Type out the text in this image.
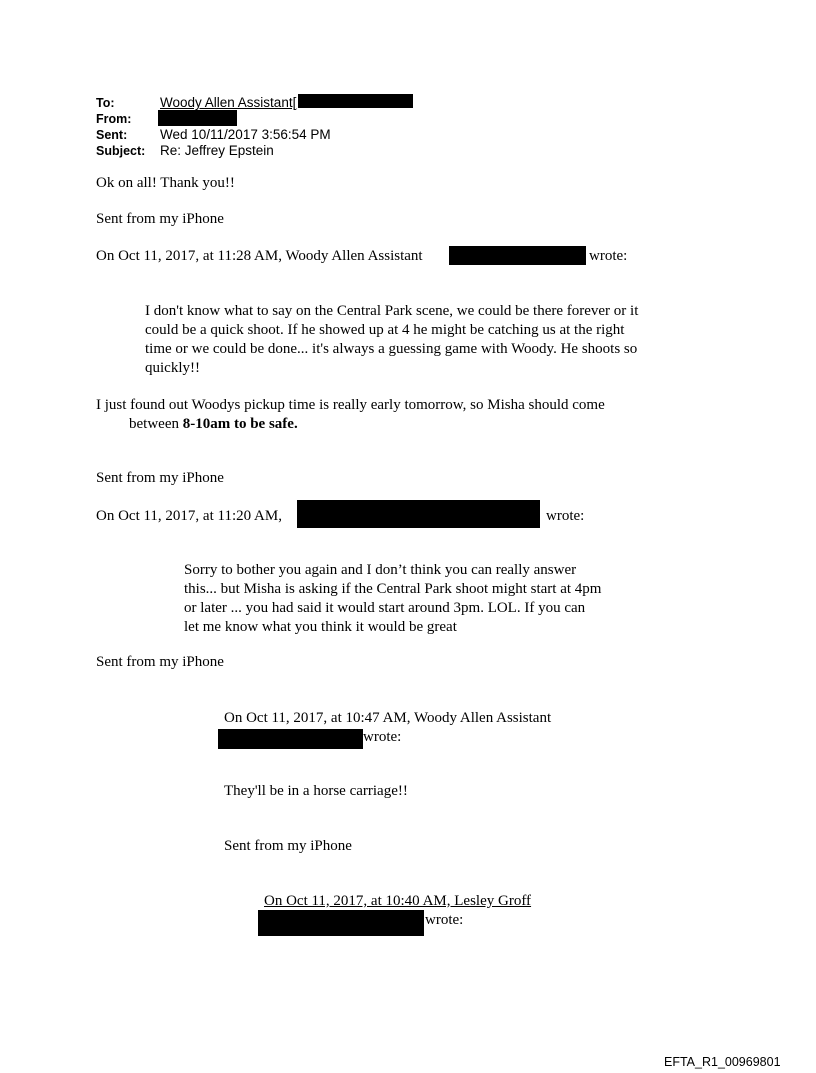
To:	Woody Allen Assistant[
From:
Sent: Wed 10/11/2017 3:56:54 PM
Subject: Re: Jeffrey Epstein
Ok on all! Thank you!!
Sent from my iPhone
On Oct 11, 2017, at 11:28 AM, Woody Allen Assistant	wrote:
I don't know what to say on the Central Park scene, we could be there forever or it
could be a quick shoot. If he showed up at 4 he might be catching us at the right
time or we could be done... it's always a guessing game with Woody. He shoots so
quickly!!
I just found out Woodys pickup time is really early tomorrow, so Misha should come
between 8-10am to be safe.
Sent from my iPhone
On Oct 11, 2017, at 11:20 AM,	wrote:
Sorry to bother you again and I don’t think you can really answer
this... but Misha is asking if the Central Park shoot might start at 4pm
or later ... you had said it would start around 3pm. LOL. If you can
let me know what you think it would be great
Sent from my iPhone
On Oct 11, 2017, at 10:47 AM, Woody Allen Assistant
wrote:
They'll be in a horse carriage!!
Sent from my iPhone
On Oct 11, 2017, at 10:40 AM, Lesley Groff
wrote:
EFTA_R1_00969801
